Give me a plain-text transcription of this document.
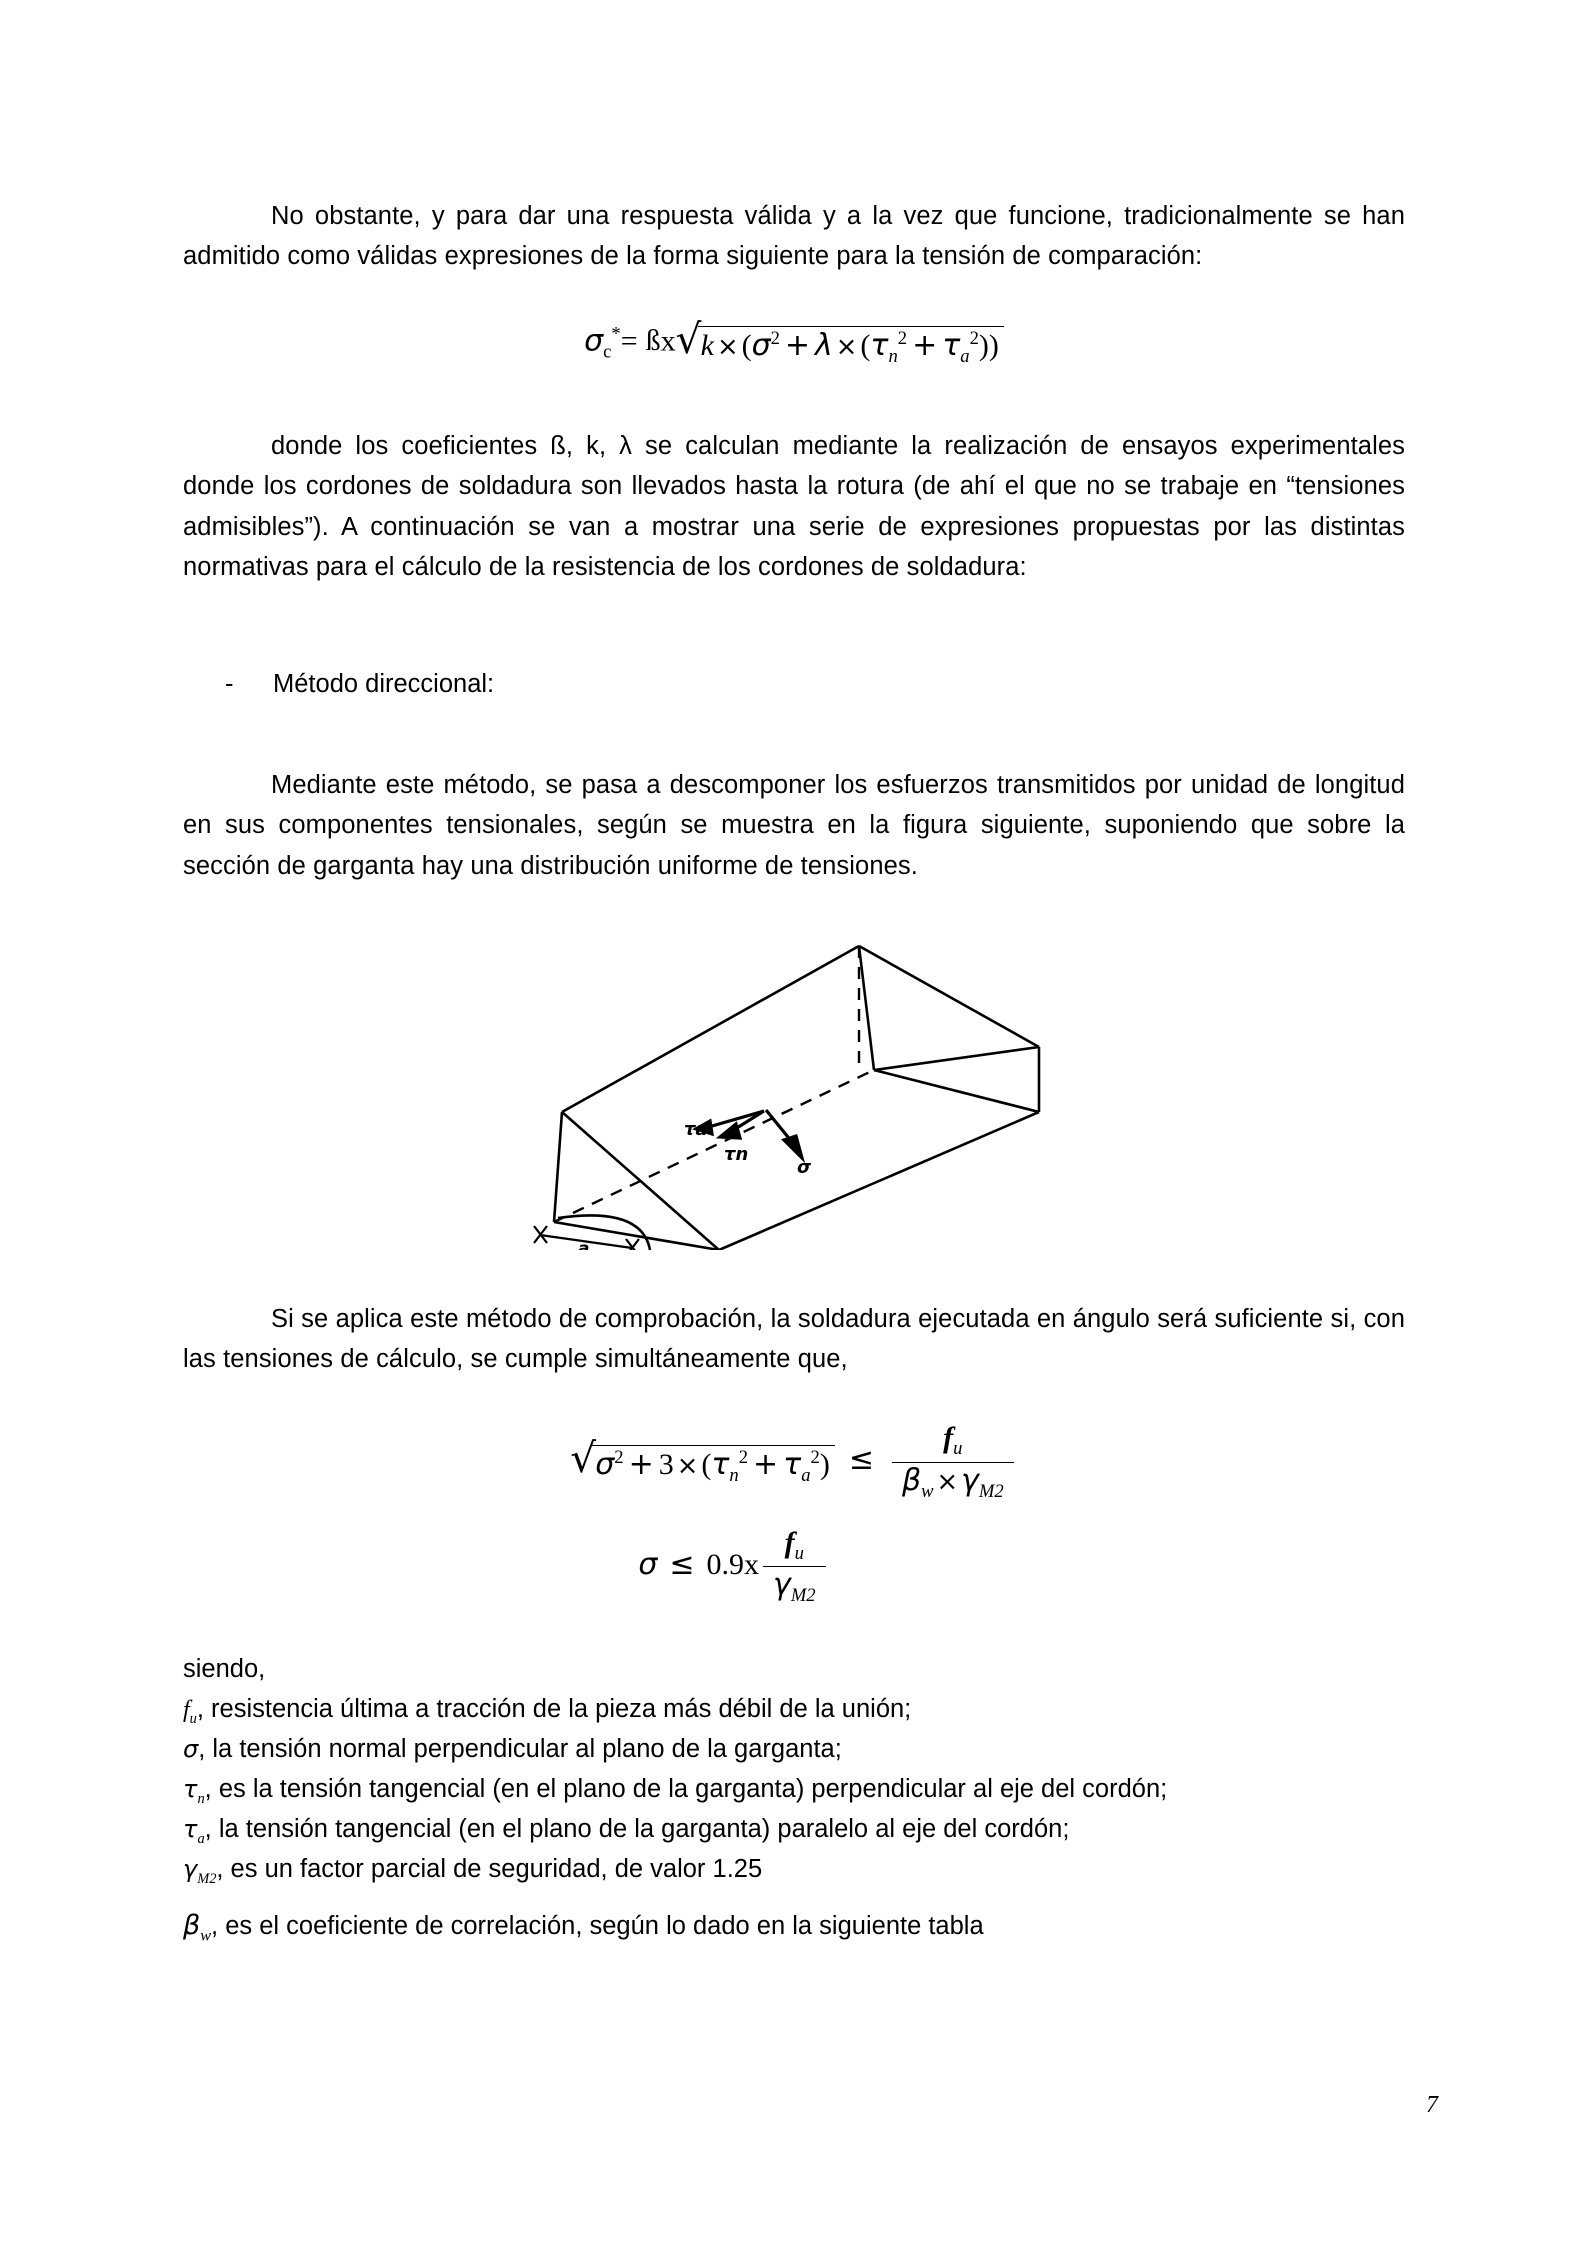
No obstante, y para dar una respuesta válida y a la vez que funcione, tradicionalmente se han admitido como válidas expresiones de la forma siguiente para la tensión de comparación:

$\sigma_c^*=$ ßx √ $k \times (\sigma^2 + \lambda \times (\tau_n^2 + \tau_a^2))$

donde los coeficientes ß, k, λ se calculan mediante la realización de ensayos experimentales donde los cordones de soldadura son llevados hasta la rotura (de ahí el que no se trabaje en “tensiones admisibles”). A continuación se van a mostrar una serie de expresiones propuestas por las distintas normativas para el cálculo de la resistencia de los cordones de soldadura:

- Método direccional:

Mediante este método, se pasa a descomponer los esfuerzos transmitidos por unidad de longitud en sus componentes tensionales, según se muestra en la figura siguiente, suponiendo que sobre la sección de garganta hay una distribución uniforme de tensiones.

a
τa
τn
σ

Si se aplica este método de comprobación, la soldadura ejecutada en ángulo será suficiente si, con las tensiones de cálculo, se cumple simultáneamente que,

√ $\sigma^2 + 3 \times (\tau_n^2 + \tau_a^2) \le \frac{f_u}{\beta_w \times \gamma_{M2}}$
$\sigma \le 0.9x \frac{f_u}{\gamma_{M2}}$

siendo,

$f_u$, resistencia última a tracción de la pieza más débil de la unión;

σ, la tensión normal perpendicular al plano de la garganta;

$\tau_n$, es la tensión tangencial (en el plano de la garganta) perpendicular al eje del cordón;

$\tau_a$, la tensión tangencial (en el plano de la garganta) paralelo al eje del cordón;

$\gamma_{M2}$, es un factor parcial de seguridad, de valor 1.25

$\beta_w$, es el coeficiente de correlación, según lo dado en la siguiente tabla

7
